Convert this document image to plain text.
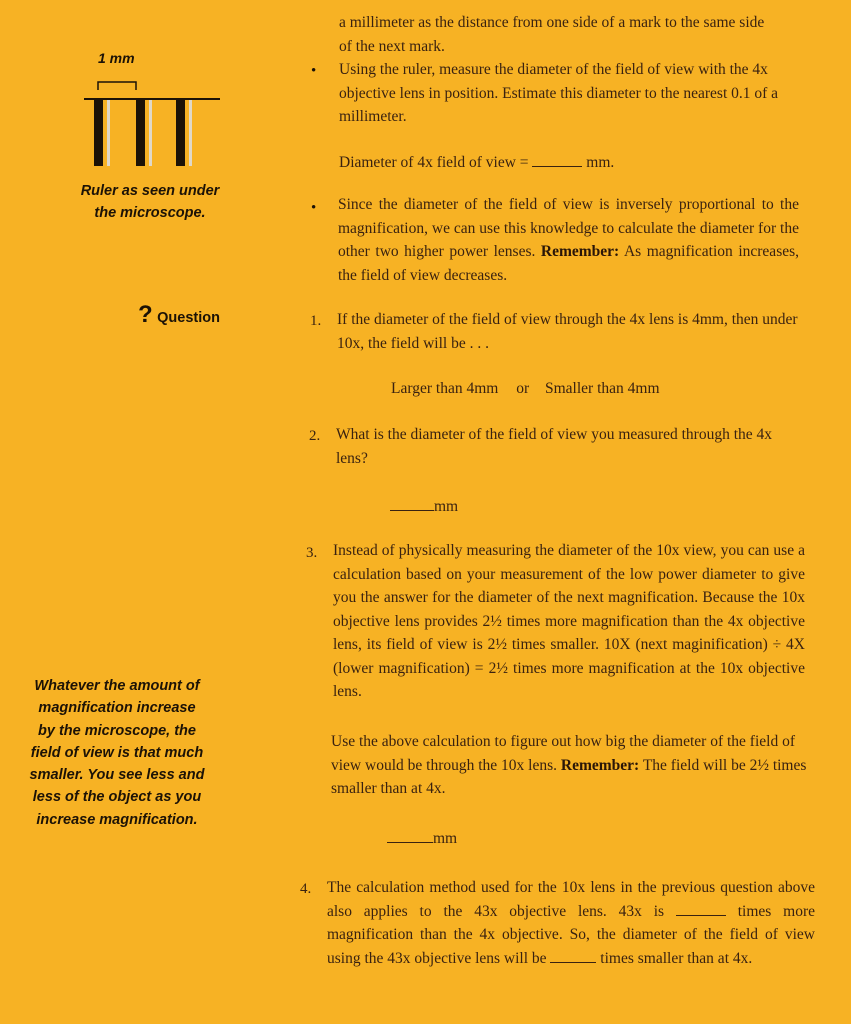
1 mm
Ruler as seen under
the microscope.
? Question
Whatever the amount of
magnification increase
by the microscope, the
field of view is that much
smaller. You see less and
less of the object as you
increase magnification.
a millimeter as the distance from one side of a mark to the same side
of the next mark.
• Using the ruler, measure the diameter of the field of view with the 4x objective lens in position. Estimate this diameter to the nearest 0.1 of a millimeter.
Diameter of 4x field of view =	mm.
• Since the diameter of the field of view is inversely proportional to the magnification, we can use this knowledge to calculate the diameter for the other two higher power lenses. Remember: As magnification increases, the field of view decreases.
1. If the diameter of the field of view through the 4x lens is 4mm, then under 10x, the field will be . . .
Larger than 4mm or Smaller than 4mm
2. What is the diameter of the field of view you measured through the 4x lens?
mm
3. Instead of physically measuring the diameter of the 10x view, you can use a calculation based on your measurement of the low power diameter to give you the answer for the diameter of the next magnification. Because the 10x objective lens provides 2½ times more magnification than the 4x objective lens, its field of view is 2½ times smaller. 10X (next maginification) ÷ 4X (lower magnification) = 2½ times more magnification at the 10x objective lens.
Use the above calculation to figure out how big the diameter of the field of view would be through the 10x lens. Remember: The field will be 2½ times smaller than at 4x.
mm
4. The calculation method used for the 10x lens in the previous question above also applies to the 43x objective lens. 43x is	times more magnification than the 4x objective. So, the diameter of the field of view using the 43x objective lens will be	times smaller than at 4x.
